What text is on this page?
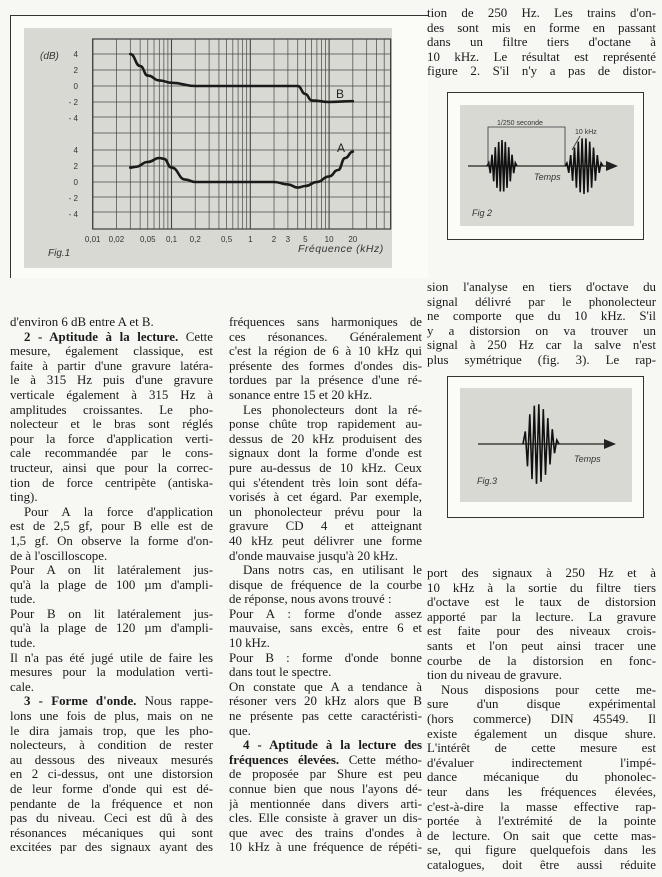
(dB)
Fig.1	Fréquence (kHz)
B
A
0,01 0,02 0,05 0,1 0,2	0,5 1 2 3 5 10 20
4
2
0
- 2
- 4
4
2
0
- 2
- 4
1/250 seconde
10 kHz
Temps
Fig 2
Temps
Fig.3
d'environ 6 dB entre A et B.
2 - Aptitude à la lecture. Cette
mesure, également classique, est
faite à partir d'une gravure latéra-
le à 315 Hz puis d'une gravure
verticale également à 315 Hz à
amplitudes croissantes. Le pho-
nolecteur et le bras sont réglés
pour la force d'application verti-
cale recommandée par le cons-
tructeur, ainsi que pour la correc-
tion de force centripète (antiska-
ting).
Pour A la force d'application
est de 2,5 gf, pour B elle est de
1,5 gf. On observe la forme d'on-
de à l'oscilloscope.
Pour A on lit latéralement jus-
qu'à la plage de 100 µm d'ampli-
tude.
Pour B on lit latéralement jus-
qu'à la plage de 120 µm d'ampli-
tude.
Il n'a pas été jugé utile de faire les
mesures pour la modulation verti-
cale.
3 - Forme d'onde. Nous rappe-
lons une fois de plus, mais on ne
le dira jamais trop, que les pho-
nolecteurs, à condition de rester
au dessous des niveaux mesurés
en 2 ci-dessus, ont une distorsion
de leur forme d'onde qui est dé-
pendante de la fréquence et non
pas du niveau. Ceci est dû à des
résonances mécaniques qui sont
excitées par des signaux ayant des
fréquences sans harmoniques de
ces résonances. Généralement
c'est la région de 6 à 10 kHz qui
présente des formes d'ondes dis-
tordues par la présence d'une ré-
sonance entre 15 et 20 kHz.
Les phonolecteurs dont la ré-
ponse chûte trop rapidement au-
dessus de 20 kHz produisent des
signaux dont la forme d'onde est
pure au-dessus de 10 kHz. Ceux
qui s'étendent très loin sont défa-
vorisés à cet égard. Par exemple,
un phonolecteur prévu pour la
gravure CD 4 et atteignant
40 kHz peut délivrer une forme
d'onde mauvaise jusqu'à 20 kHz.
Dans notrs cas, en utilisant le
disque de fréquence de la courbe
de réponse, nous avons trouvé :
Pour A : forme d'onde assez
mauvaise, sans excès, entre 6 et
10 kHz.
Pour B : forme d'onde bonne
dans tout le spectre.
On constate que A a tendance à
résoner vers 20 kHz alors que B
ne présente pas cette caractéristi-
que.
4 - Aptitude à la lecture des
fréquences élevées. Cette métho-
de proposée par Shure est peu
connue bien que nous l'ayons dé-
jà mentionnée dans divers arti-
cles. Elle consiste à graver un dis-
que avec des trains d'ondes à
10 kHz à une fréquence de répéti-
tion de 250 Hz. Les trains d'on-
des sont mis en forme en passant
dans un filtre tiers d'octane à
10 kHz. Le résultat est représenté
figure 2. S'il n'y a pas de distor-
sion l'analyse en tiers d'octave du
signal délivré par le phonolecteur
ne comporte que du 10 kHz. S'il
y a distorsion on va trouver un
signal à 250 Hz car la salve n'est
plus symétrique (fig. 3). Le rap-
port des signaux à 250 Hz et à
10 kHz à la sortie du filtre tiers
d'octave est le taux de distorsion
apporté par la lecture. La gravure
est faite pour des niveaux crois-
sants et l'on peut ainsi tracer une
courbe de la distorsion en fonc-
tion du niveau de gravure.
Nous disposions pour cette me-
sure d'un disque expérimental
(hors commerce) DIN 45549. Il
existe également un disque shure.
L'intérêt de cette mesure est
d'évaluer indirectement l'impé-
dance mécanique du phonolec-
teur dans les fréquences élevées,
c'est-à-dire la masse effective rap-
portée à l'extrémité de la pointe
de lecture. On sait que cette mas-
se, qui figure quelquefois dans les
catalogues, doit être aussi réduite
